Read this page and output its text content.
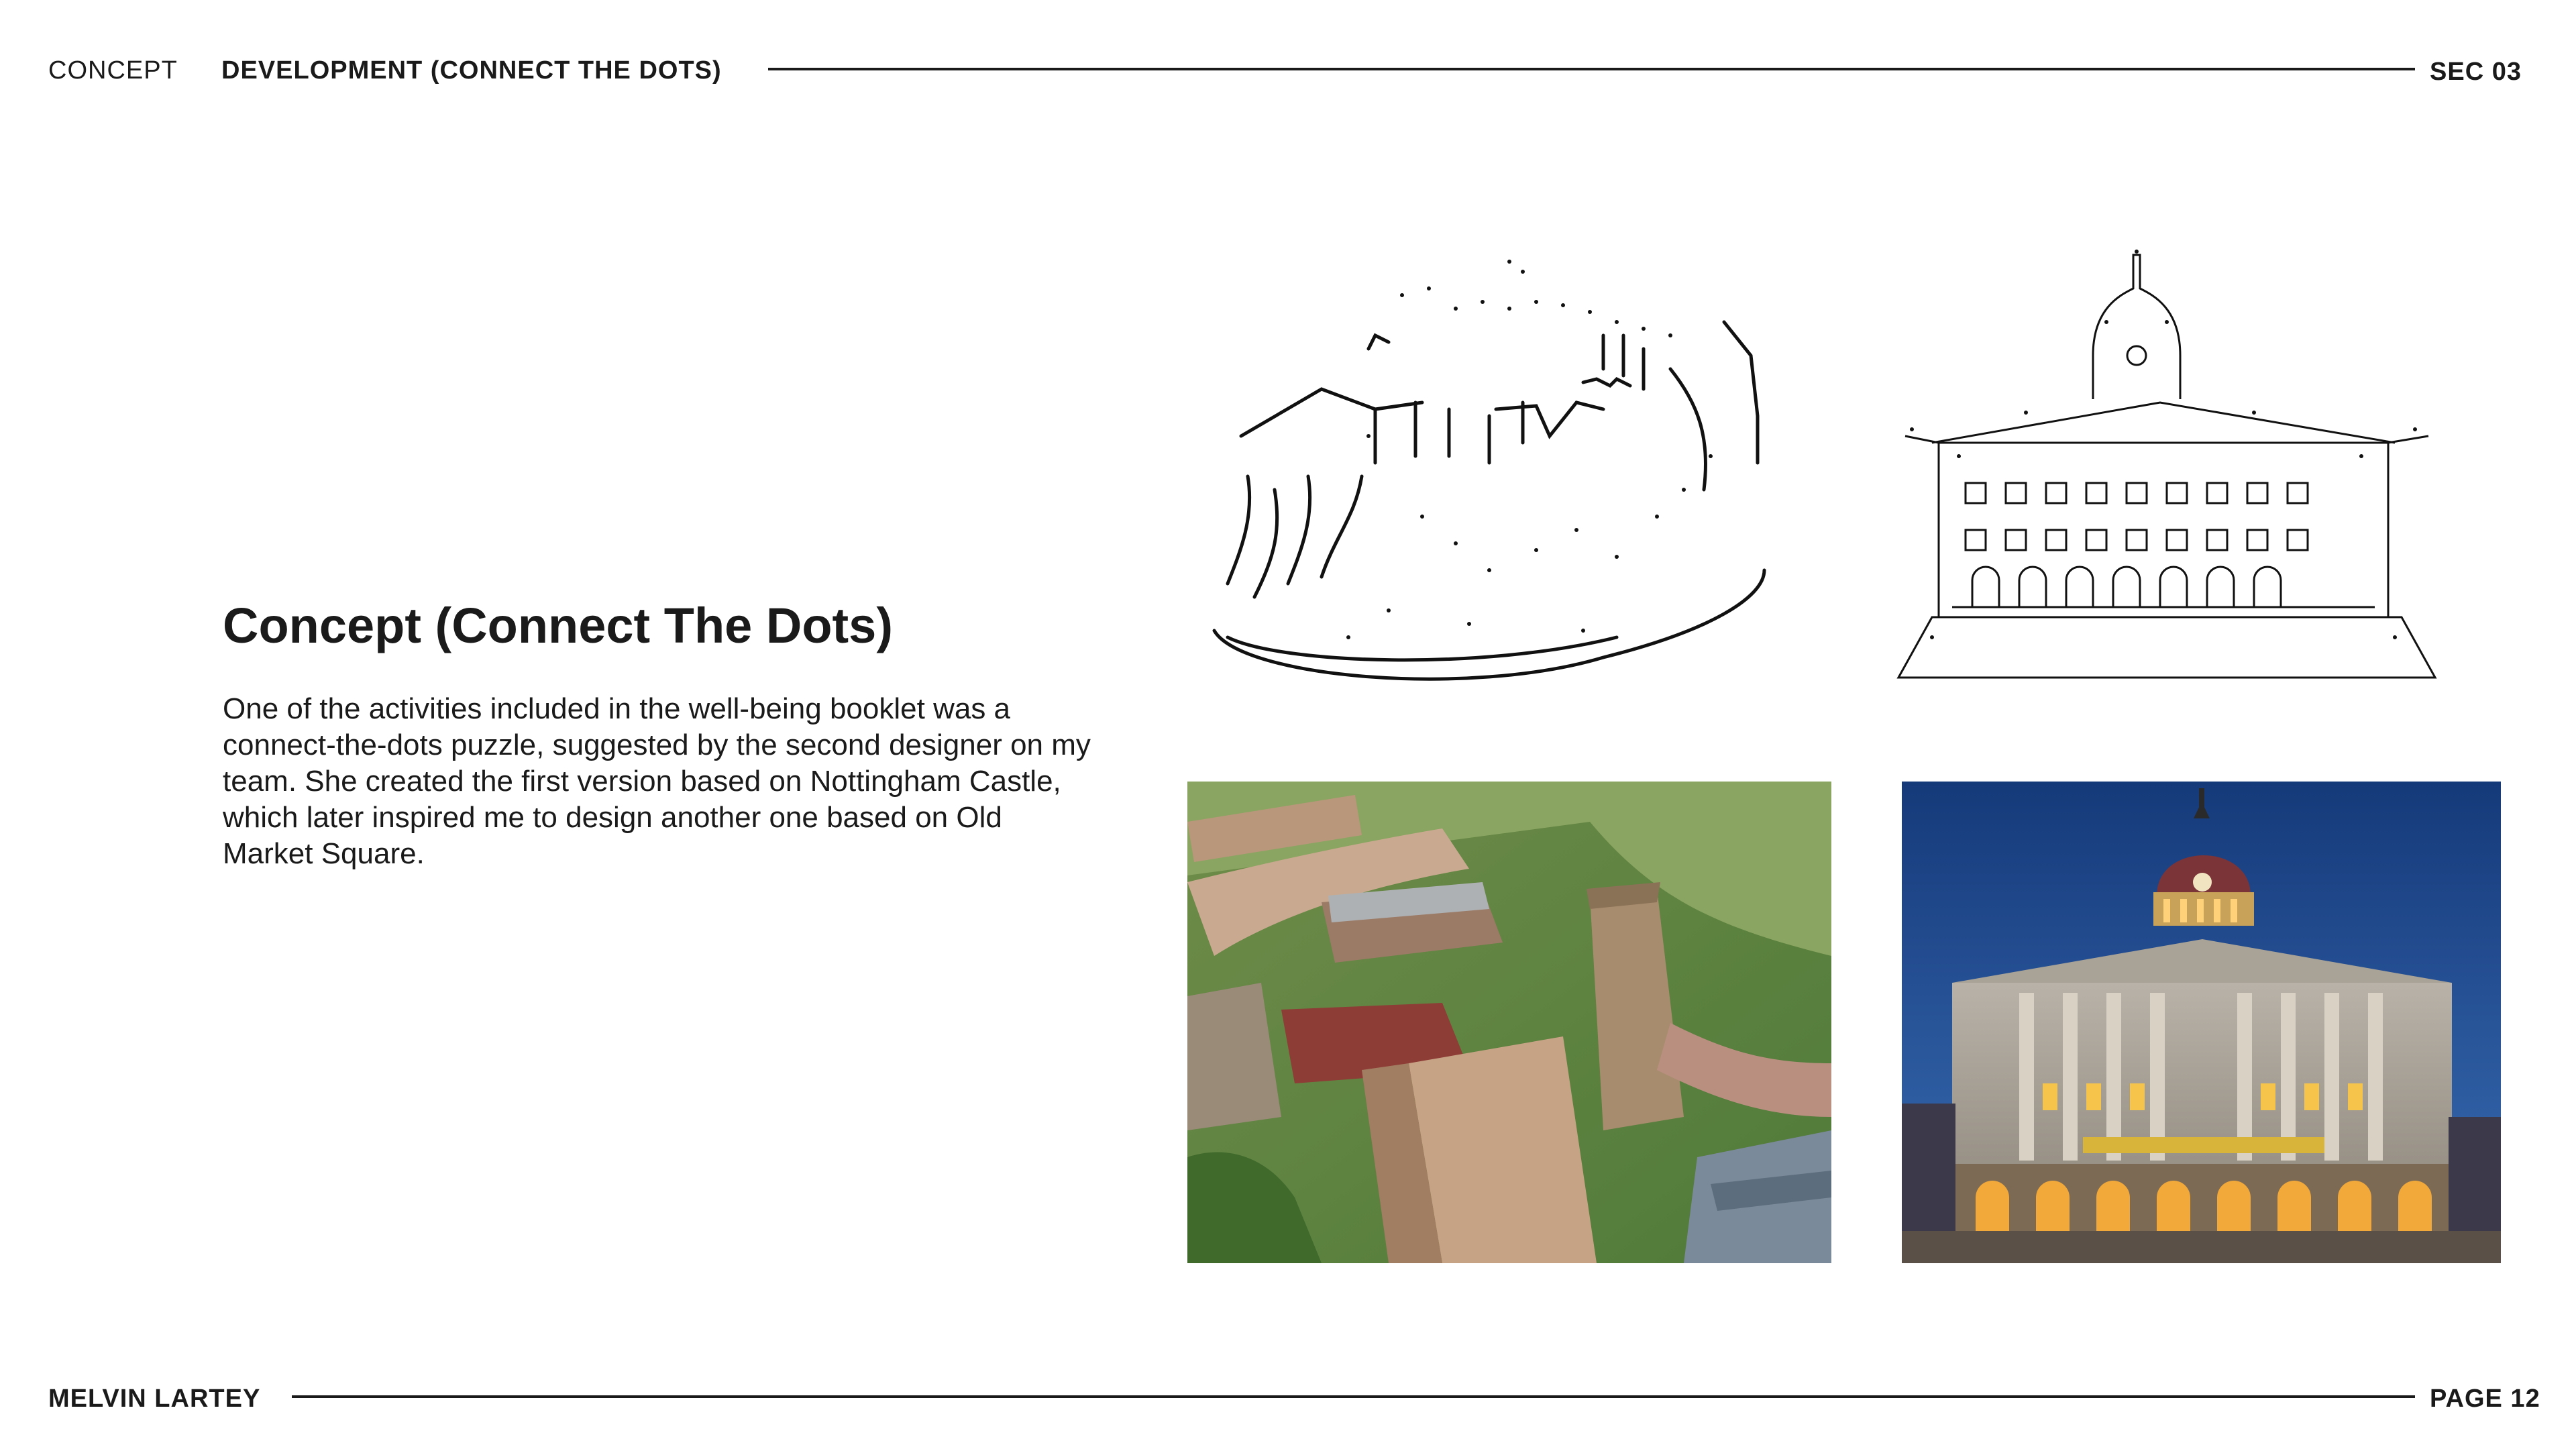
CONCEPT DEVELOPMENT (CONNECT THE DOTS)	SEC 03
Concept (Connect The Dots)

One of the activities included in the well-being booklet was a connect-the-dots puzzle, suggested by the second designer on my team. She created the first version based on Nottingham Castle, which later inspired me to design another one based on Old Market Square.

MELVIN LARTEY	PAGE 12
